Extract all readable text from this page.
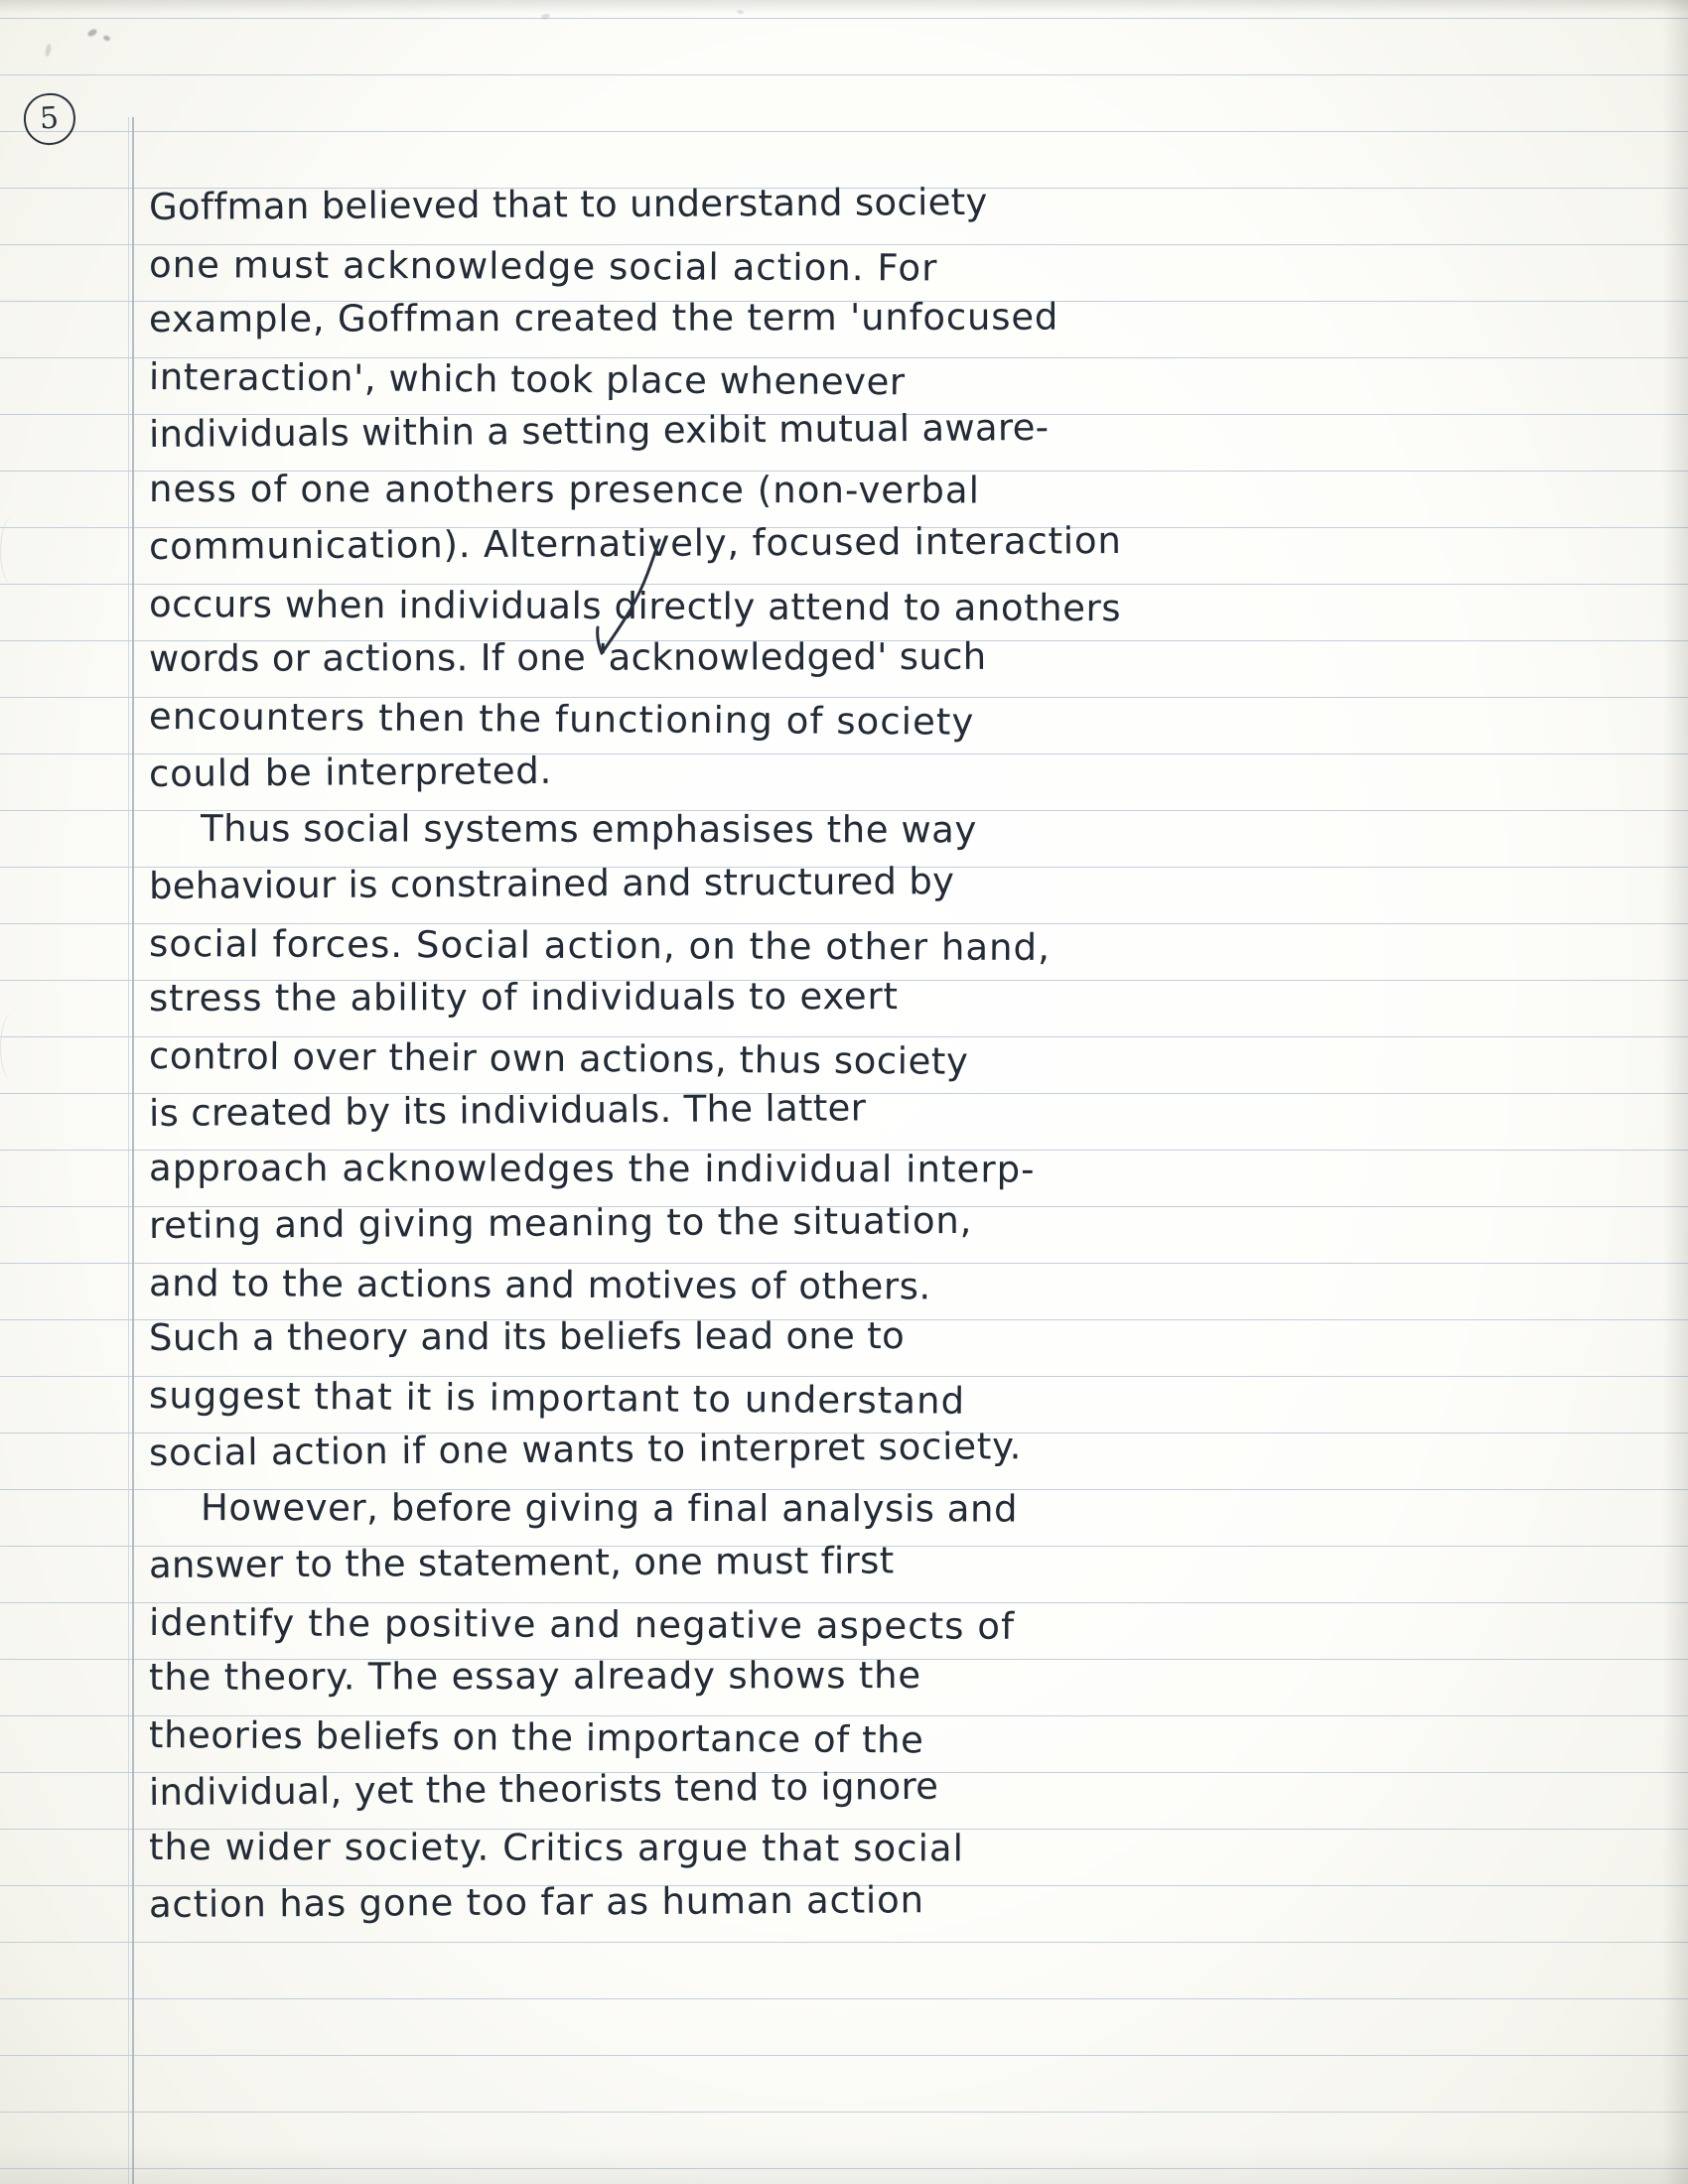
5
Goffman believed that to understand society
one must acknowledge social action. For
example, Goffman created the term 'unfocused
interaction', which took place whenever
individuals within a setting exibit mutual aware-
ness of one anothers presence (non-verbal
communication). Alternatively, focused interaction
occurs when individuals directly attend to anothers
words or actions. If one 'acknowledged' such
encounters then the functioning of society
could be interpreted.
Thus social systems emphasises the way
behaviour is constrained and structured by
social forces. Social action, on the other hand,
stress the ability of individuals to exert
control over their own actions, thus society
is created by its individuals. The latter
approach acknowledges the individual interp-
reting and giving meaning to the situation,
and to the actions and motives of others.
Such a theory and its beliefs lead one to
suggest that it is important to understand
social action if one wants to interpret society.
However, before giving a final analysis and
answer to the statement, one must first
identify the positive and negative aspects of
the theory. The essay already shows the
theories beliefs on the importance of the
individual, yet the theorists tend to ignore
the wider society. Critics argue that social
action has gone too far as human action
